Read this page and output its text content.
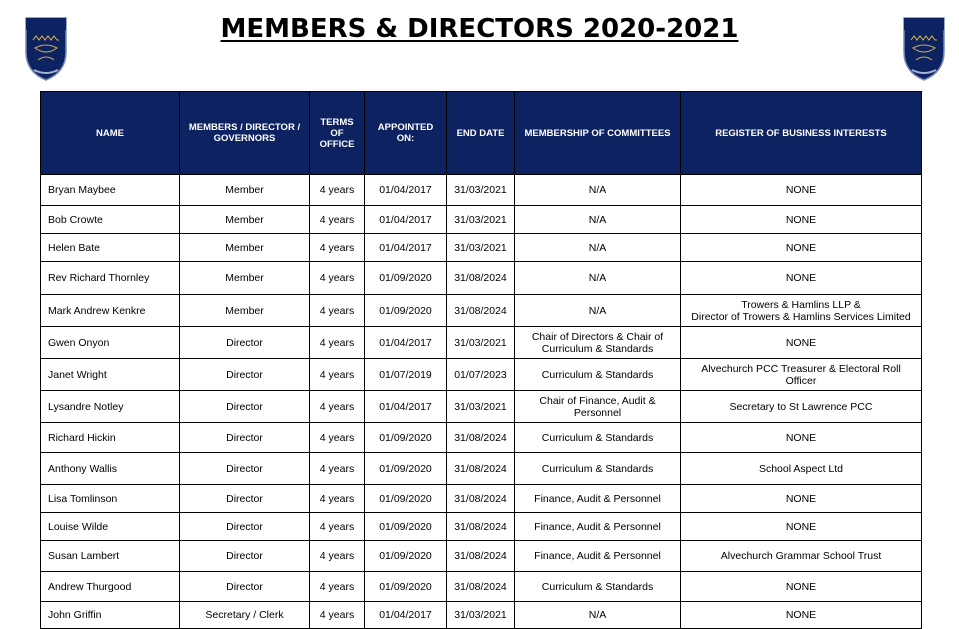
MEMBERS & DIRECTORS 2020-2021
NAME	MEMBERS / DIRECTOR / GOVERNORS	TERMS OF OFFICE	APPOINTED ON:	END DATE	MEMBERSHIP OF COMMITTEES	REGISTER OF BUSINESS INTERESTS
Bryan Maybee	Member	4 years	01/04/2017	31/03/2021	N/A	NONE
Bob Crowte	Member	4 years	01/04/2017	31/03/2021	N/A	NONE
Helen Bate	Member	4 years	01/04/2017	31/03/2021	N/A	NONE
Rev Richard Thornley	Member	4 years	01/09/2020	31/08/2024	N/A	NONE
Mark Andrew Kenkre	Member	4 years	01/09/2020	31/08/2024	N/A	Trowers & Hamlins LLP &
Director of Trowers & Hamlins Services Limited
Gwen Onyon	Director	4 years	01/04/2017	31/03/2021	Chair of Directors & Chair of Curriculum & Standards	NONE
Janet Wright	Director	4 years	01/07/2019	01/07/2023	Curriculum & Standards	Alvechurch PCC Treasurer & Electoral Roll Officer
Lysandre Notley	Director	4 years	01/04/2017	31/03/2021	Chair of Finance, Audit & Personnel	Secretary to St Lawrence PCC
Richard Hickin	Director	4 years	01/09/2020	31/08/2024	Curriculum & Standards	NONE
Anthony Wallis	Director	4 years	01/09/2020	31/08/2024	Curriculum & Standards	School Aspect Ltd
Lisa Tomlinson	Director	4 years	01/09/2020	31/08/2024	Finance, Audit & Personnel	NONE
Louise Wilde	Director	4 years	01/09/2020	31/08/2024	Finance, Audit & Personnel	NONE
Susan Lambert	Director	4 years	01/09/2020	31/08/2024	Finance, Audit & Personnel	Alvechurch Grammar School Trust
Andrew Thurgood	Director	4 years	01/09/2020	31/08/2024	Curriculum & Standards	NONE
John Griffin	Secretary / Clerk	4 years	01/04/2017	31/03/2021	N/A	NONE
